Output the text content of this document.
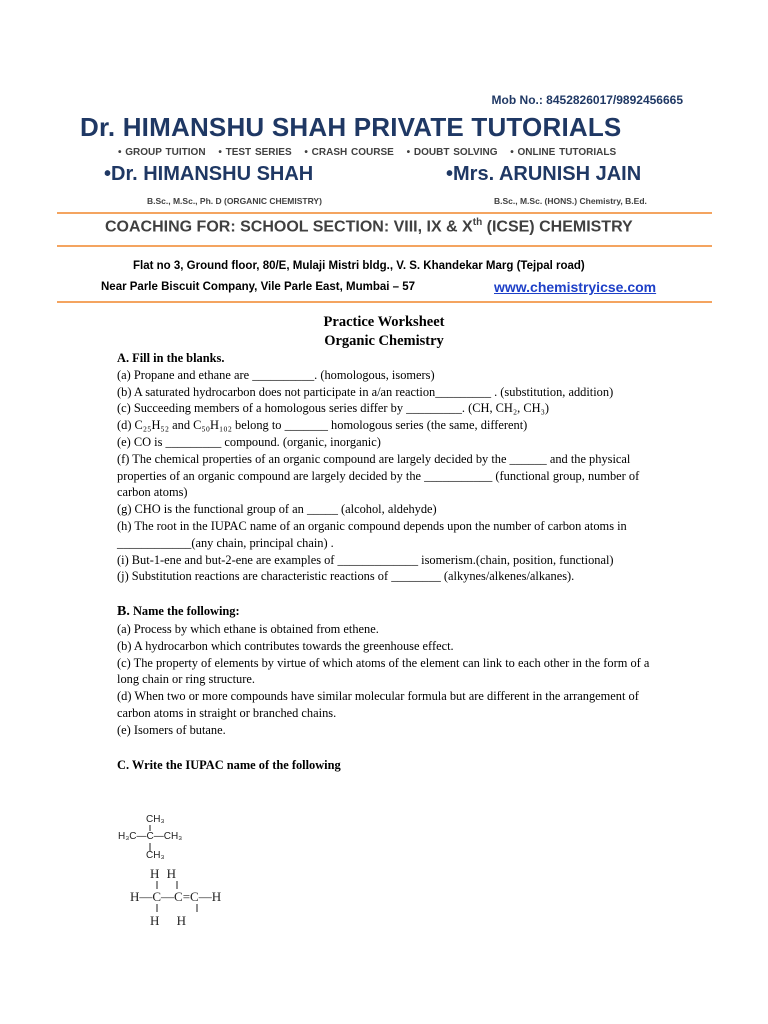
Mob No.: 8452826017/9892456665
Dr. HIMANSHU SHAH PRIVATE TUTORIALS
• GROUP TUITION • TEST SERIES • CRASH COURSE • DOUBT SOLVING • ONLINE TUTORIALS
•Dr. HIMANSHU SHAH	•Mrs. ARUNISH JAIN
B.Sc., M.Sc., Ph. D (ORGANIC CHEMISTRY)	B.Sc., M.Sc. (HONS.) Chemistry, B.Ed.
COACHING FOR: SCHOOL SECTION: VIII, IX & Xth (ICSE) CHEMISTRY
Flat no 3, Ground floor, 80/E, Mulaji Mistri bldg., V. S. Khandekar Marg (Tejpal road)
Near Parle Biscuit Company, Vile Parle East, Mumbai – 57	www.chemistryicse.com
Practice Worksheet
Organic Chemistry

A. Fill in the blanks.

(a) Propane and ethane are __________. (homologous, isomers)

(b) A saturated hydrocarbon does not participate in a/an reaction_________ . (substitution, addition)

(c) Succeeding members of a homologous series differ by _________. (CH, CH₂, CH₃)

(d) C₂₅H₅₂ and C₅₀H₁₀₂ belong to _______ homologous series (the same, different)

(e) CO is _________ compound. (organic, inorganic)

(f) The chemical properties of an organic compound are largely decided by the ______ and the physical properties of an organic compound are largely decided by the ___________ (functional group, number of carbon atoms)

(g) CHO is the functional group of an _____ (alcohol, aldehyde)

(h) The root in the IUPAC name of an organic compound depends upon the number of carbon atoms in ____________(any chain, principal chain) .

(i) But-1-ene and but-2-ene are examples of _____________ isomerism.(chain, position, functional)

(j) Substitution reactions are characteristic reactions of ________ (alkynes/alkenes/alkanes).

B. Name the following:

(a) Process by which ethane is obtained from ethene.

(b) A hydrocarbon which contributes towards the greenhouse effect.

(c) The property of elements by virtue of which atoms of the element can link to each other in the form of a long chain or ring structure.

(d) When two or more compounds have similar molecular formula but are different in the arrangement of carbon atoms in straight or branched chains.

(e) Isomers of butane.

C. Write the IUPAC name of the following

CH₃
H₃C—C—CH₃
CH₃
H H
H—C—C=C—H
H H
